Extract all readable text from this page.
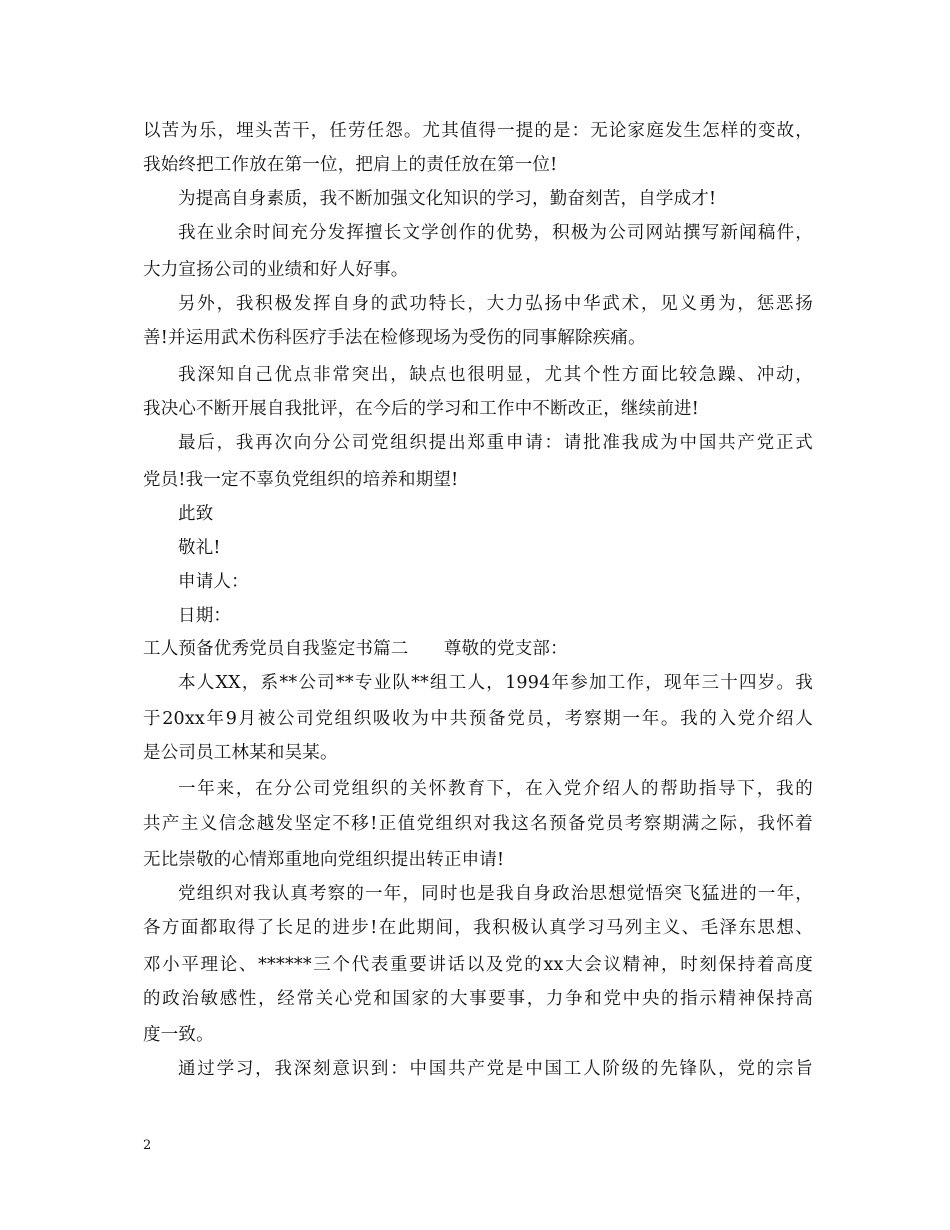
以苦为乐，埋头苦干，任劳任怨。尤其值得一提的是：无论家庭发生怎样的变故，
我始终把工作放在第一位，把肩上的责任放在第一位!
为提高自身素质，我不断加强文化知识的学习，勤奋刻苦，自学成才!
我在业余时间充分发挥擅长文学创作的优势，积极为公司网站撰写新闻稿件，
大力宣扬公司的业绩和好人好事。
另外，我积极发挥自身的武功特长，大力弘扬中华武术，见义勇为，惩恶扬
善!并运用武术伤科医疗手法在检修现场为受伤的同事解除疾痛。
我深知自己优点非常突出，缺点也很明显，尤其个性方面比较急躁、冲动，
我决心不断开展自我批评，在今后的学习和工作中不断改正，继续前进!
最后，我再次向分公司党组织提出郑重申请：请批准我成为中国共产党正式
党员!我一定不辜负党组织的培养和期望!
此致
敬礼!
申请人：
日期：
工人预备优秀党员自我鉴定书篇二　　尊敬的党支部：
本人XX，系**公司**专业队**组工人，1994年参加工作，现年三十四岁。我
于20xx年9月被公司党组织吸收为中共预备党员，考察期一年。我的入党介绍人
是公司员工林某和吴某。
一年来，在分公司党组织的关怀教育下，在入党介绍人的帮助指导下，我的
共产主义信念越发坚定不移!正值党组织对我这名预备党员考察期满之际，我怀着
无比崇敬的心情郑重地向党组织提出转正申请!
党组织对我认真考察的一年，同时也是我自身政治思想觉悟突飞猛进的一年，
各方面都取得了长足的进步!在此期间，我积极认真学习马列主义、毛泽东思想、
邓小平理论、******三个代表重要讲话以及党的xx大会议精神，时刻保持着高度
的政治敏感性，经常关心党和国家的大事要事，力争和党中央的指示精神保持高
度一致。
通过学习，我深刻意识到：中国共产党是中国工人阶级的先锋队，党的宗旨
2
